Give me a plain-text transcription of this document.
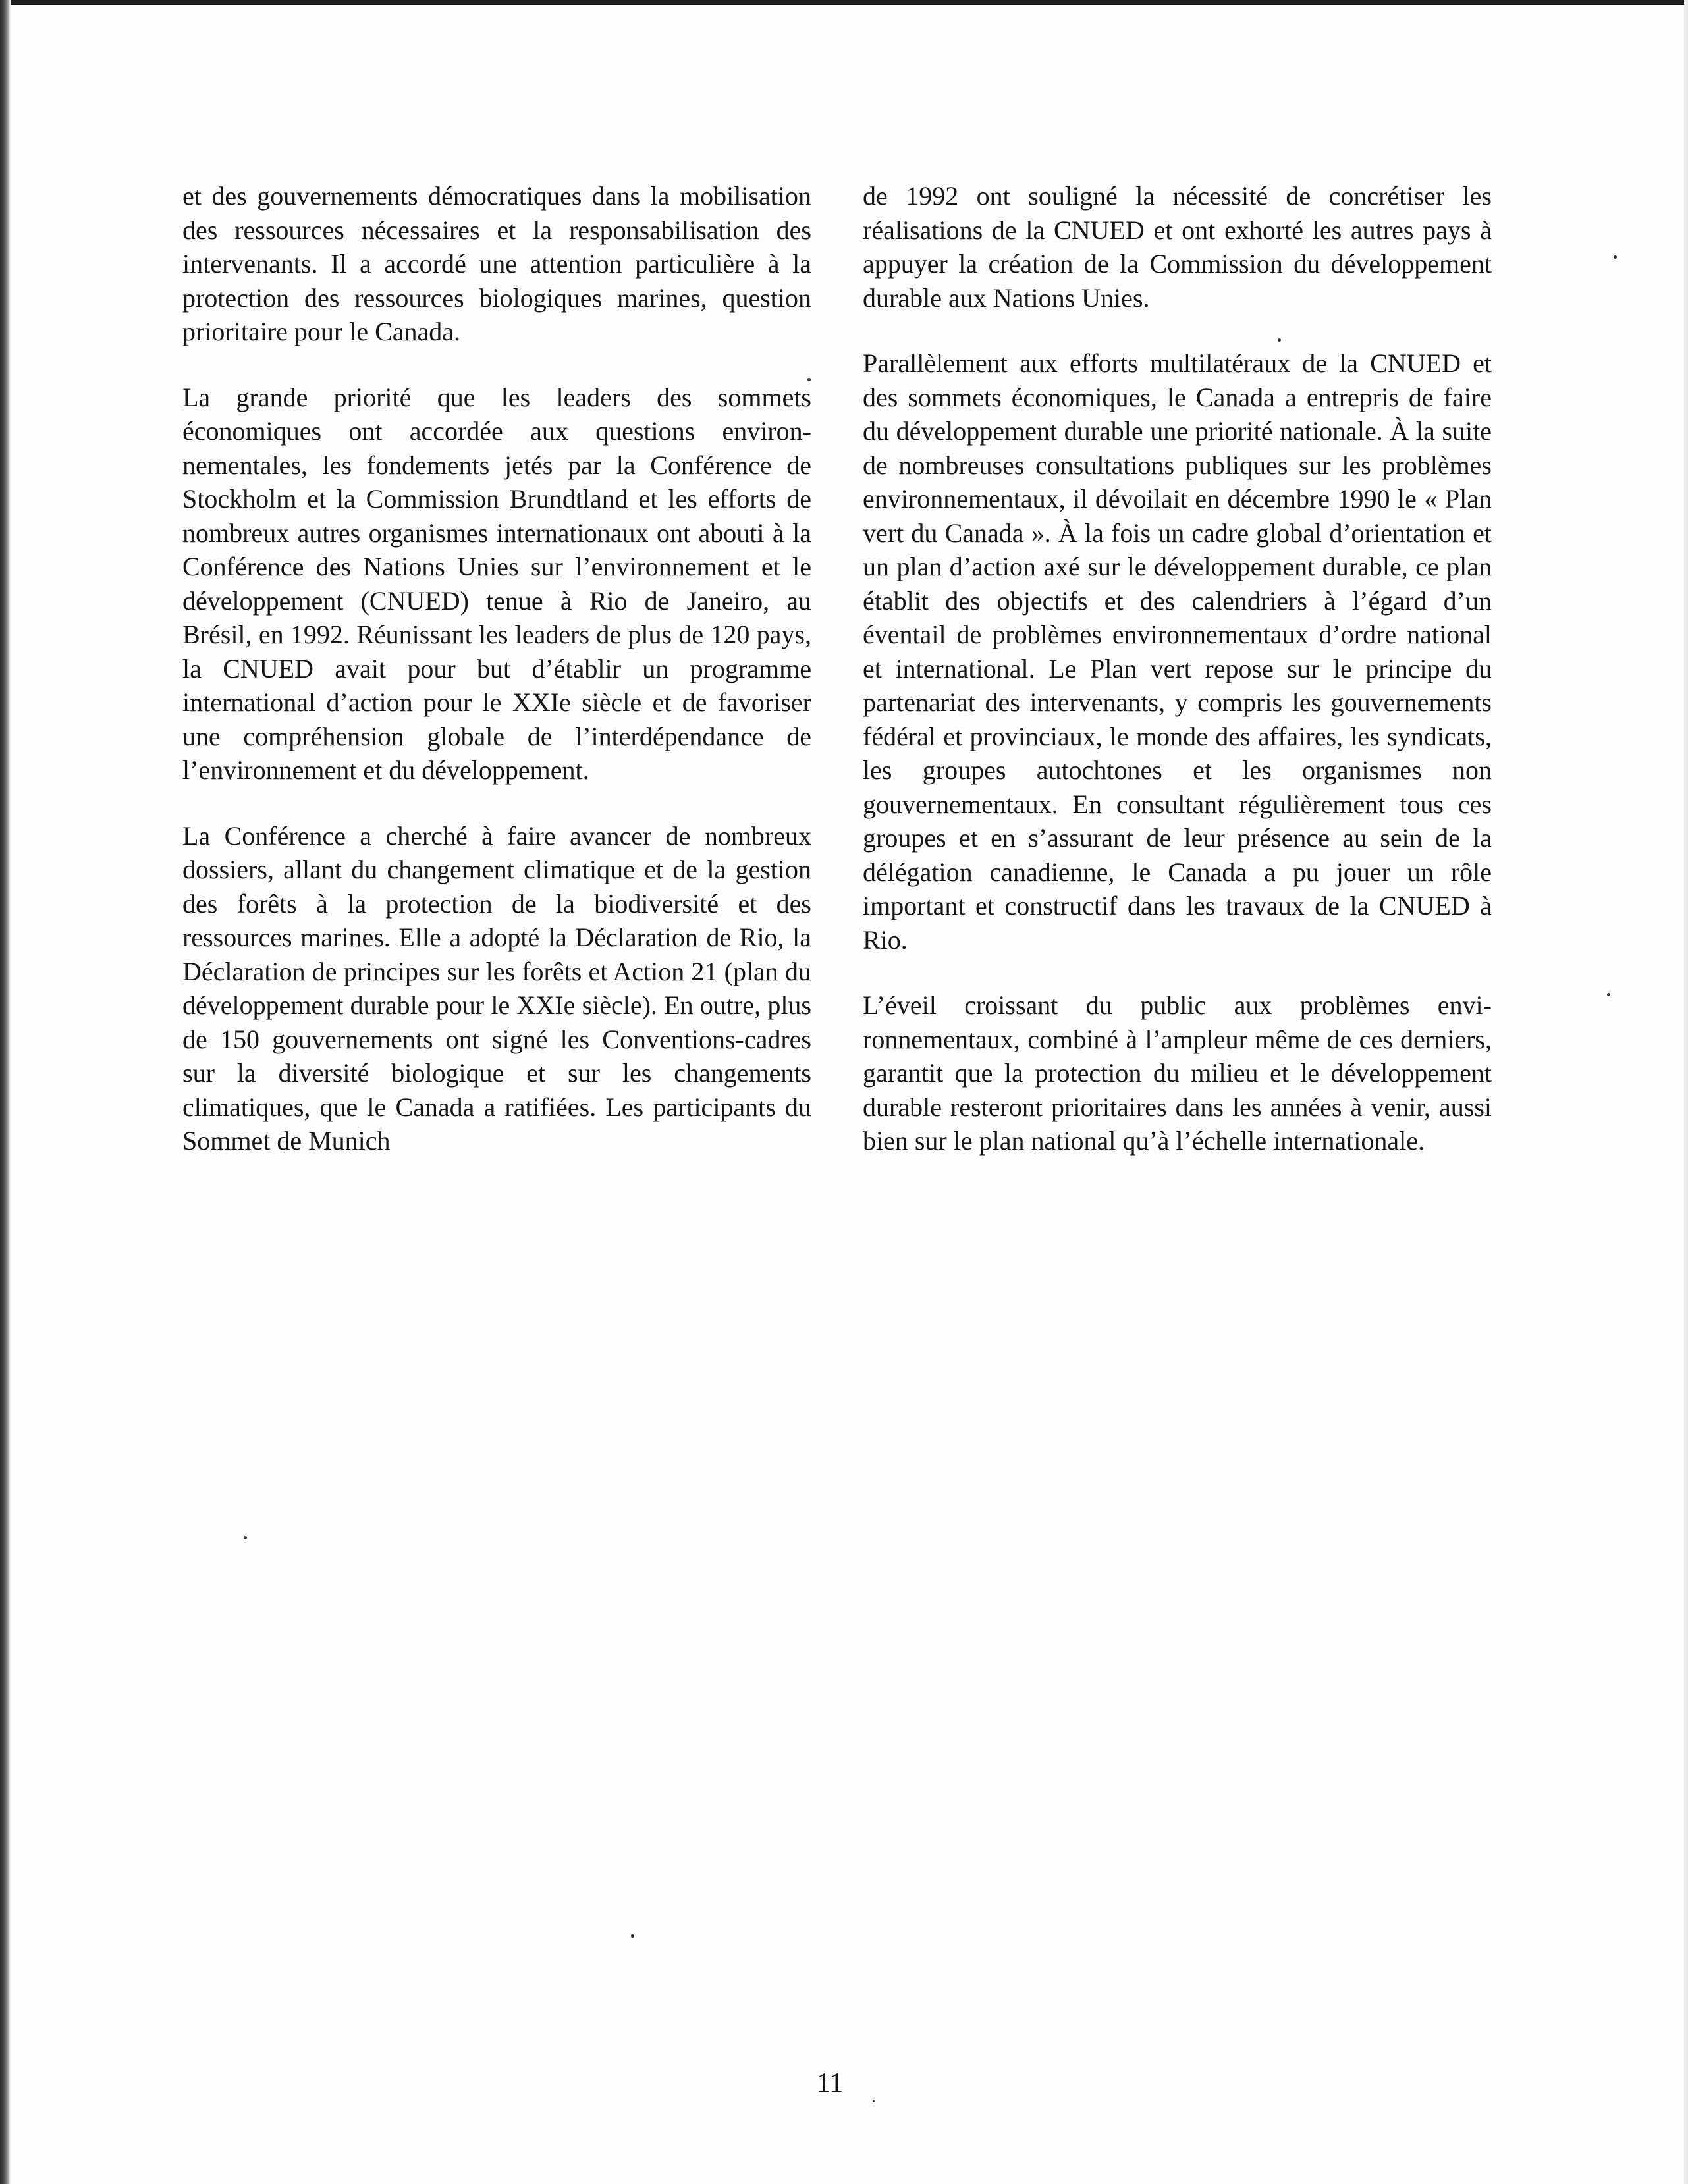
et des gouvernements démocratiques dans la mobilisation des ressources nécessaires et la responsabilisation des intervenants. Il a accordé une attention particulière à la protection des ressources biologiques marines, question prioritaire pour le Canada.

La grande priorité que les leaders des sommets économiques ont accordée aux questions environnementales, les fondements jetés par la Conférence de Stockholm et la Commission Brundtland et les efforts de nombreux autres organismes internationaux ont abouti à la Conférence des Nations Unies sur l’environnement et le développement (CNUED) tenue à Rio de Janeiro, au Brésil, en 1992. Réunissant les leaders de plus de 120 pays, la CNUED avait pour but d’établir un programme international d’action pour le XXIe siècle et de favoriser une compréhension globale de l’interdépendance de l’environnement et du développement.

La Conférence a cherché à faire avancer de nombreux dossiers, allant du changement climatique et de la gestion des forêts à la protection de la biodiversité et des ressources marines. Elle a adopté la Déclaration de Rio, la Déclaration de principes sur les forêts et Action 21 (plan du développement durable pour le XXIe siècle). En outre, plus de 150 gouvernements ont signé les Conventions-cadres sur la diversité biologique et sur les changements climatiques, que le Canada a ratifiées. Les participants du Sommet de Munich

de 1992 ont souligné la nécessité de concrétiser les réalisations de la CNUED et ont exhorté les autres pays à appuyer la création de la Commission du développement durable aux Nations Unies.

Parallèlement aux efforts multilatéraux de la CNUED et des sommets économiques, le Canada a entrepris de faire du développement durable une priorité nationale. À la suite de nombreuses consultations publiques sur les problèmes environnementaux, il dévoilait en décembre 1990 le « Plan vert du Canada ». À la fois un cadre global d’orientation et un plan d’action axé sur le développement durable, ce plan établit des objectifs et des calendriers à l’égard d’un éventail de problèmes environnementaux d’ordre national et international. Le Plan vert repose sur le principe du partenariat des intervenants, y compris les gouvernements fédéral et provinciaux, le monde des affaires, les syndicats, les groupes autochtones et les organismes non gouvernementaux. En consultant régulièrement tous ces groupes et en s’assurant de leur présence au sein de la délégation canadienne, le Canada a pu jouer un rôle important et constructif dans les travaux de la CNUED à Rio.

L’éveil croissant du public aux problèmes environnementaux, combiné à l’ampleur même de ces derniers, garantit que la protection du milieu et le développement durable resteront prioritaires dans les années à venir, aussi bien sur le plan national qu’à l’échelle internationale.

11
